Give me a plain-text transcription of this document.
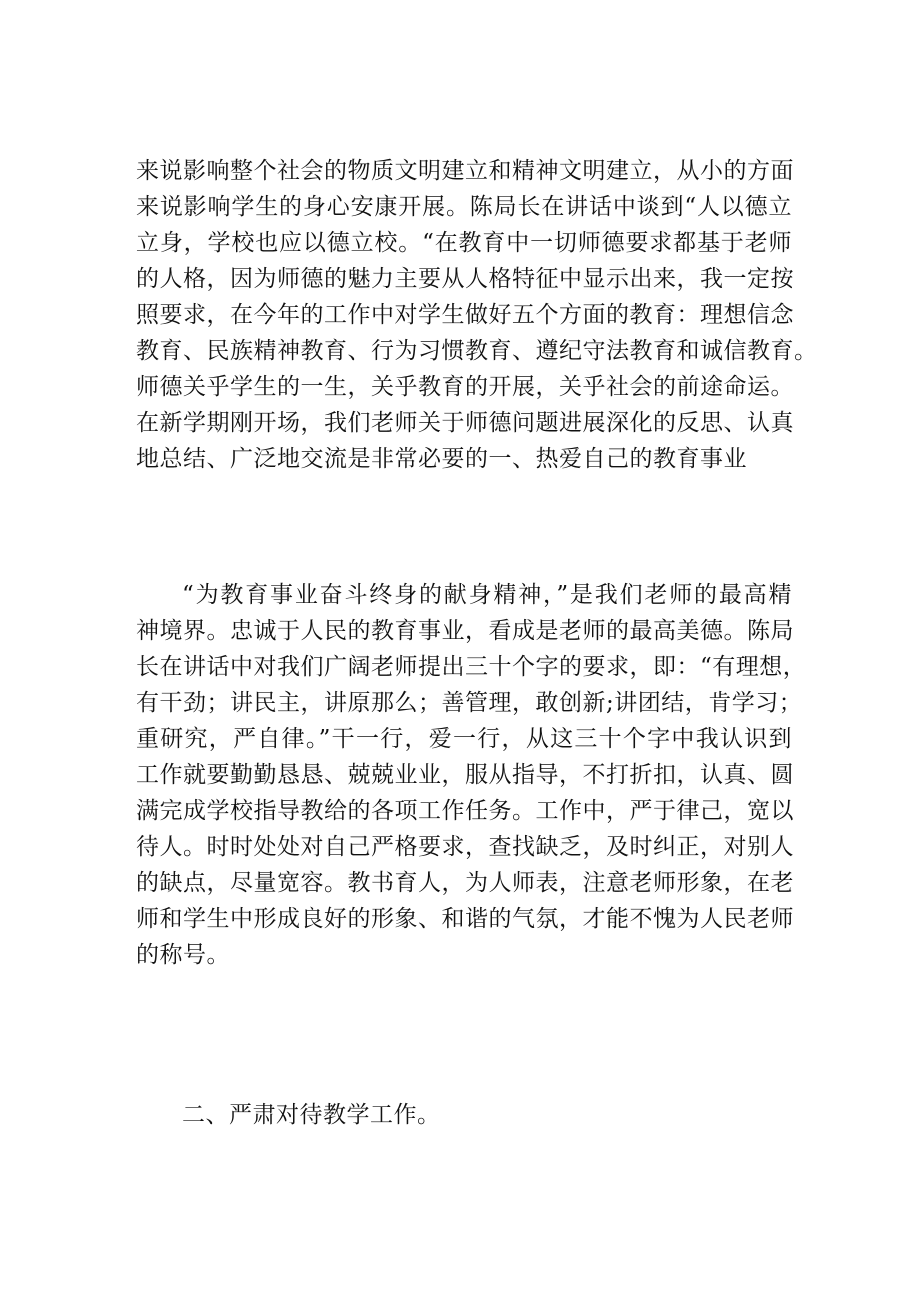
来说影响整个社会的物质文明建立和精神文明建立，从小的方面
来说影响学生的身心安康开展。陈局长在讲话中谈到“人以德立
立身，学校也应以德立校。“在教育中一切师德要求都基于老师
的人格，因为师德的魅力主要从人格特征中显示出来，我一定按
照要求，在今年的工作中对学生做好五个方面的教育：理想信念
教育、民族精神教育、行为习惯教育、遵纪守法教育和诚信教育。
师德关乎学生的一生，关乎教育的开展，关乎社会的前途命运。
在新学期刚开场，我们老师关于师德问题进展深化的反思、认真
地总结、广泛地交流是非常必要的一、热爱自己的教育事业
“为教育事业奋斗终身的献身精神，”是我们老师的最高精
神境界。忠诚于人民的教育事业，看成是老师的最高美德。陈局
长在讲话中对我们广阔老师提出三十个字的要求，即：“有理想，
有干劲；讲民主，讲原那么；善管理，敢创新;讲团结，肯学习；
重研究，严自律。”干一行，爱一行，从这三十个字中我认识到
工作就要勤勤恳恳、兢兢业业，服从指导，不打折扣，认真、圆
满完成学校指导教给的各项工作任务。工作中，严于律己，宽以
待人。时时处处对自己严格要求，查找缺乏，及时纠正，对别人
的缺点，尽量宽容。教书育人，为人师表，注意老师形象，在老
师和学生中形成良好的形象、和谐的气氛，才能不愧为人民老师
的称号。
二、严肃对待教学工作。
